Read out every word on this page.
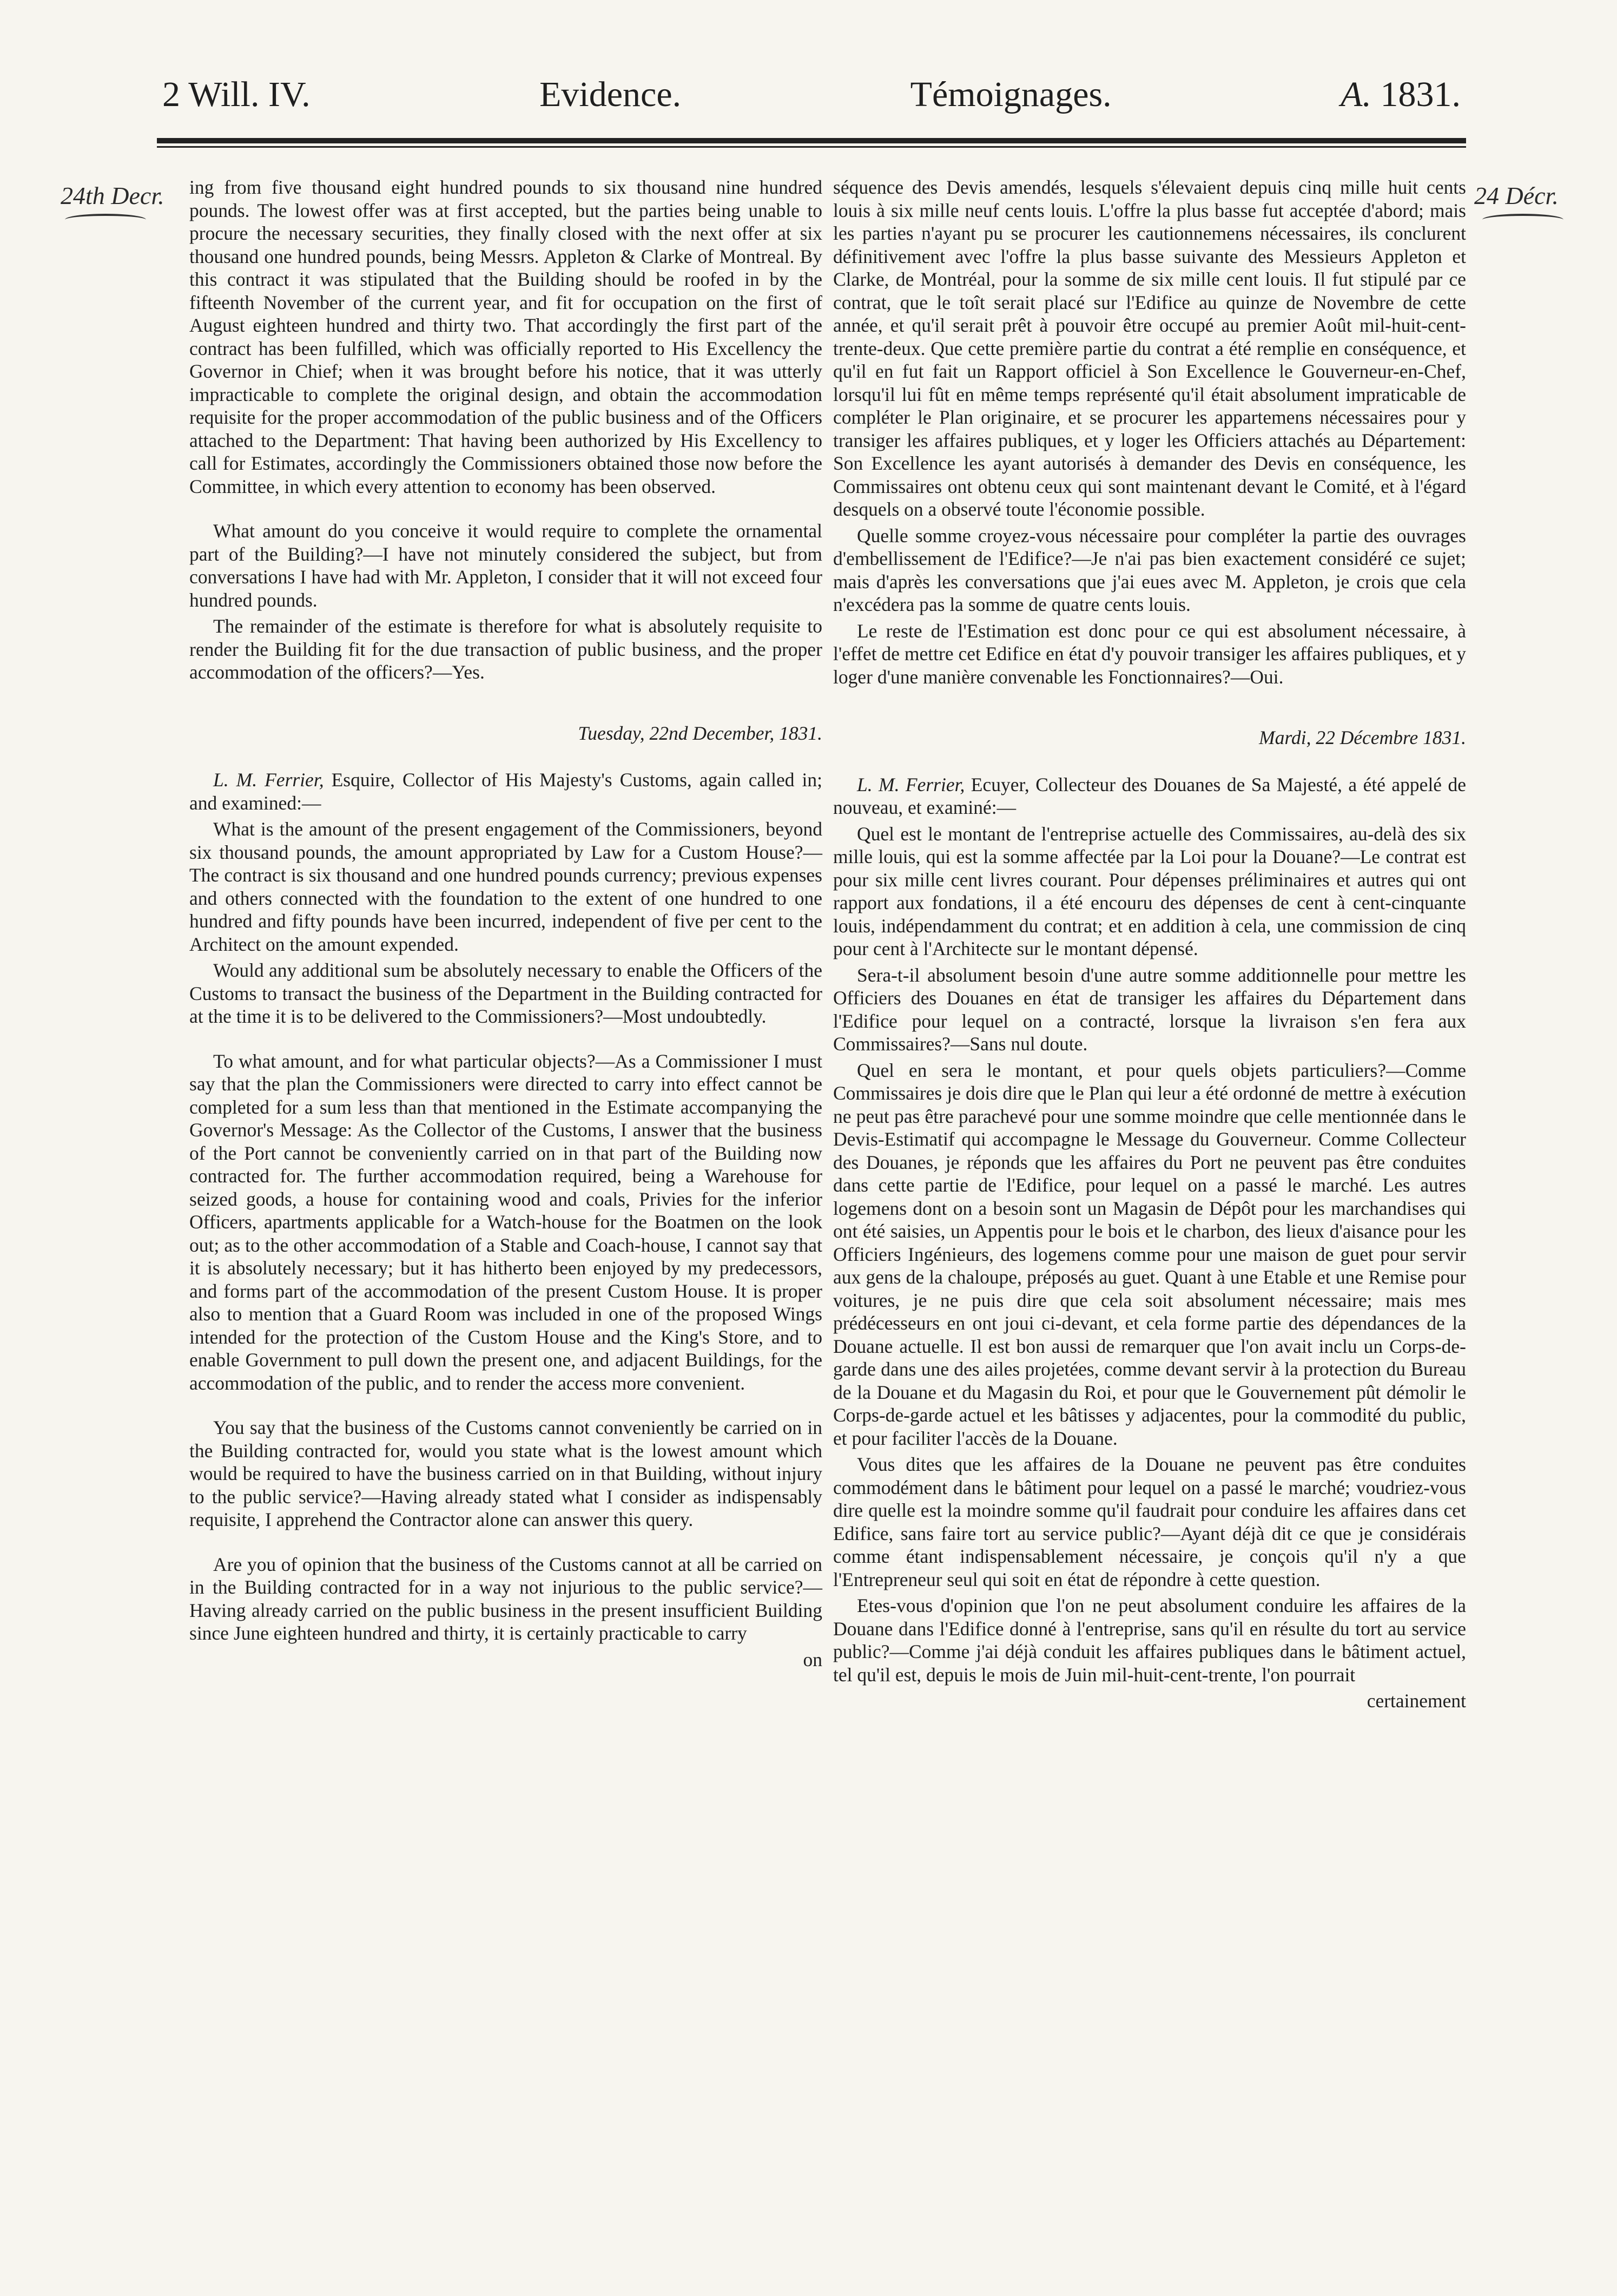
2 Will. IV.	Evidence.	Témoignages.	A. 1831.
24th Decr.	24 Décr.

ing from five thousand eight hundred pounds to six thousand nine hundred pounds. The lowest offer was at first accepted, but the parties being unable to procure the necessary securities, they finally closed with the next offer at six thousand one hundred pounds, being Messrs. Appleton & Clarke of Montreal. By this contract it was stipulated that the Building should be roofed in by the fifteenth November of the current year, and fit for occupation on the first of August eighteen hundred and thirty two. That accordingly the first part of the contract has been fulfilled, which was officially reported to His Excellency the Governor in Chief; when it was brought before his notice, that it was utterly impracticable to complete the original design, and obtain the accommodation requisite for the proper accommodation of the public business and of the Officers attached to the Department: That having been authorized by His Excellency to call for Estimates, accordingly the Commissioners obtained those now before the Committee, in which every attention to economy has been observed.

What amount do you conceive it would require to complete the ornamental part of the Building?—I have not minutely considered the subject, but from conversations I have had with Mr. Appleton, I consider that it will not exceed four hundred pounds.

The remainder of the estimate is therefore for what is absolutely requisite to render the Building fit for the due transaction of public business, and the proper accommodation of the officers?—Yes.

Tuesday, 22nd December, 1831.

L. M. Ferrier, Esquire, Collector of His Majesty's Customs, again called in; and examined:—

What is the amount of the present engagement of the Commissioners, beyond six thousand pounds, the amount appropriated by Law for a Custom House?—The contract is six thousand and one hundred pounds currency; previous expenses and others connected with the foundation to the extent of one hundred to one hundred and fifty pounds have been incurred, independent of five per cent to the Architect on the amount expended.

Would any additional sum be absolutely necessary to enable the Officers of the Customs to transact the business of the Department in the Building contracted for at the time it is to be delivered to the Commissioners?—Most undoubtedly.

To what amount, and for what particular objects?—As a Commissioner I must say that the plan the Commissioners were directed to carry into effect cannot be completed for a sum less than that mentioned in the Estimate accompanying the Governor's Message: As the Collector of the Customs, I answer that the business of the Port cannot be conveniently carried on in that part of the Building now contracted for. The further accommodation required, being a Warehouse for seized goods, a house for containing wood and coals, Privies for the inferior Officers, apartments applicable for a Watch-house for the Boatmen on the look out; as to the other accommodation of a Stable and Coach-house, I cannot say that it is absolutely necessary; but it has hitherto been enjoyed by my predecessors, and forms part of the accommodation of the present Custom House. It is proper also to mention that a Guard Room was included in one of the proposed Wings intended for the protection of the Custom House and the King's Store, and to enable Government to pull down the present one, and adjacent Buildings, for the accommodation of the public, and to render the access more convenient.

You say that the business of the Customs cannot conveniently be carried on in the Building contracted for, would you state what is the lowest amount which would be required to have the business carried on in that Building, without injury to the public service?—Having already stated what I consider as indispensably requisite, I apprehend the Contractor alone can answer this query.

Are you of opinion that the business of the Customs cannot at all be carried on in the Building contracted for in a way not injurious to the public service?—Having already carried on the public business in the present insufficient Building since June eighteen hundred and thirty, it is certainly practicable to carry

on

séquence des Devis amendés, lesquels s'élevaient depuis cinq mille huit cents louis à six mille neuf cents louis. L'offre la plus basse fut acceptée d'abord; mais les parties n'ayant pu se procurer les cautionnemens nécessaires, ils conclurent définitivement avec l'offre la plus basse suivante des Messieurs Appleton et Clarke, de Montréal, pour la somme de six mille cent louis. Il fut stipulé par ce contrat, que le toît serait placé sur l'Edifice au quinze de Novembre de cette année, et qu'il serait prêt à pouvoir être occupé au premier Août mil-huit-cent-trente-deux. Que cette première partie du contrat a été remplie en conséquence, et qu'il en fut fait un Rapport officiel à Son Excellence le Gouverneur-en-Chef, lorsqu'il lui fût en même temps représenté qu'il était absolument impraticable de compléter le Plan originaire, et se procurer les appartemens nécessaires pour y transiger les affaires publiques, et y loger les Officiers attachés au Département: Son Excellence les ayant autorisés à demander des Devis en conséquence, les Commissaires ont obtenu ceux qui sont maintenant devant le Comité, et à l'égard desquels on a observé toute l'économie possible.

Quelle somme croyez-vous nécessaire pour compléter la partie des ouvrages d'embellissement de l'Edifice?—Je n'ai pas bien exactement considéré ce sujet; mais d'après les conversations que j'ai eues avec M. Appleton, je crois que cela n'excédera pas la somme de quatre cents louis.

Le reste de l'Estimation est donc pour ce qui est absolument nécessaire, à l'effet de mettre cet Edifice en état d'y pouvoir transiger les affaires publiques, et y loger d'une manière convenable les Fonctionnaires?—Oui.

Mardi, 22 Décembre 1831.

L. M. Ferrier, Ecuyer, Collecteur des Douanes de Sa Majesté, a été appelé de nouveau, et examiné:—

Quel est le montant de l'entreprise actuelle des Commissaires, au-delà des six mille louis, qui est la somme affectée par la Loi pour la Douane?—Le contrat est pour six mille cent livres courant. Pour dépenses préliminaires et autres qui ont rapport aux fondations, il a été encouru des dépenses de cent à cent-cinquante louis, indépendamment du contrat; et en addition à cela, une commission de cinq pour cent à l'Architecte sur le montant dépensé.

Sera-t-il absolument besoin d'une autre somme additionnelle pour mettre les Officiers des Douanes en état de transiger les affaires du Département dans l'Edifice pour lequel on a contracté, lorsque la livraison s'en fera aux Commissaires?—Sans nul doute.

Quel en sera le montant, et pour quels objets particuliers?—Comme Commissaires je dois dire que le Plan qui leur a été ordonné de mettre à exécution ne peut pas être parachevé pour une somme moindre que celle mentionnée dans le Devis-Estimatif qui accompagne le Message du Gouverneur. Comme Collecteur des Douanes, je réponds que les affaires du Port ne peuvent pas être conduites dans cette partie de l'Edifice, pour lequel on a passé le marché. Les autres logemens dont on a besoin sont un Magasin de Dépôt pour les marchandises qui ont été saisies, un Appentis pour le bois et le charbon, des lieux d'aisance pour les Officiers Ingénieurs, des logemens comme pour une maison de guet pour servir aux gens de la chaloupe, préposés au guet. Quant à une Etable et une Remise pour voitures, je ne puis dire que cela soit absolument nécessaire; mais mes prédécesseurs en ont joui ci-devant, et cela forme partie des dépendances de la Douane actuelle. Il est bon aussi de remarquer que l'on avait inclu un Corps-de-garde dans une des ailes projetées, comme devant servir à la protection du Bureau de la Douane et du Magasin du Roi, et pour que le Gouvernement pût démolir le Corps-de-garde actuel et les bâtisses y adjacentes, pour la commodité du public, et pour faciliter l'accès de la Douane.

Vous dites que les affaires de la Douane ne peuvent pas être conduites commodément dans le bâtiment pour lequel on a passé le marché; voudriez-vous dire quelle est la moindre somme qu'il faudrait pour conduire les affaires dans cet Edifice, sans faire tort au service public?—Ayant déjà dit ce que je considérais comme étant indispensablement nécessaire, je conçois qu'il n'y a que l'Entrepreneur seul qui soit en état de répondre à cette question.

Etes-vous d'opinion que l'on ne peut absolument conduire les affaires de la Douane dans l'Edifice donné à l'entreprise, sans qu'il en résulte du tort au service public?—Comme j'ai déjà conduit les affaires publiques dans le bâtiment actuel, tel qu'il est, depuis le mois de Juin mil-huit-cent-trente, l'on pourrait

certainement
